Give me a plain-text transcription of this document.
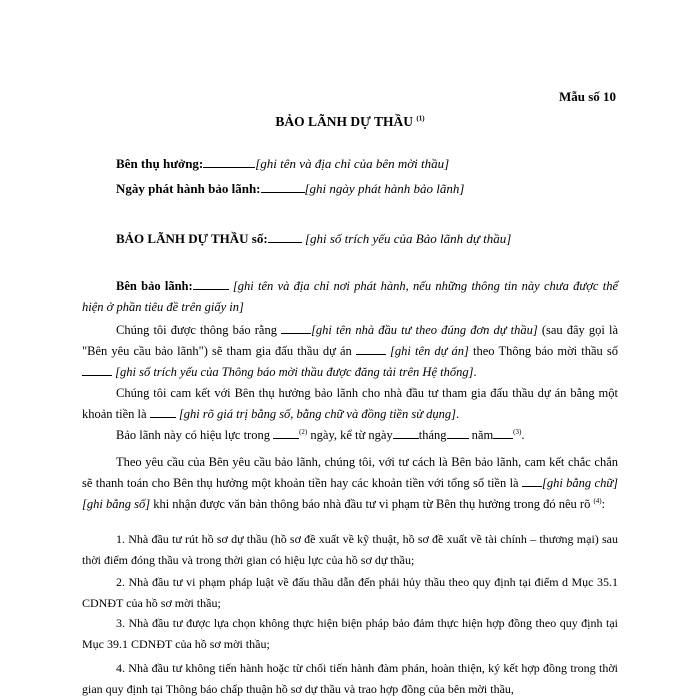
Mẫu số 10
BẢO LÃNH DỰ THẦU $^{(1)}$
Bên thụ hưởng:	[ghi tên và địa chỉ của bên mời thầu]
Ngày phát hành bảo lãnh:	[ghi ngày phát hành bảo lãnh]
BẢO LÃNH DỰ THẦU số:	[ghi số trích yếu của Bảo lãnh dự thầu]
Bên bảo lãnh:	[ghi tên và địa chỉ nơi phát hành, nếu những thông tin này chưa được thể hiện ở phần tiêu đề trên giấy in]
Chúng tôi được thông báo rằng [ghi tên nhà đầu tư theo đúng đơn dự thầu] (sau đây gọi là "Bên yêu cầu bảo lãnh") sẽ tham gia đấu thầu dự án	[ghi tên dự án] theo Thông báo mời thầu số  [ghi số trích yếu của Thông báo mời thầu được đăng tải trên Hệ thống].
Chúng tôi cam kết với Bên thụ hưởng bảo lãnh cho nhà đầu tư tham gia đấu thầu dự án bằng một khoản tiền là  [ghi rõ giá trị bằng số, bằng chữ và đồng tiền sử dụng].
Bảo lãnh này có hiệu lực trong	$^{(2)}$ ngày, kể từ ngày tháng năm	$^{(3)}$.
Theo yêu cầu của Bên yêu cầu bảo lãnh, chúng tôi, với tư cách là Bên bảo lãnh, cam kết chắc chắn sẽ thanh toán cho Bên thụ hưởng một khoản tiền hay các khoản tiền với tổng số tiền là [ghi bằng chữ] [ghi bằng số] khi nhận được văn bản thông báo nhà đầu tư vi phạm từ Bên thụ hưởng trong đó nêu rõ $^{(4)}$:
1. Nhà đầu tư rút hồ sơ dự thầu (hồ sơ đề xuất về kỹ thuật, hồ sơ đề xuất về tài chính – thương mại) sau thời điểm đóng thầu và trong thời gian có hiệu lực của hồ sơ dự thầu;
2. Nhà đầu tư vi phạm pháp luật về đấu thầu dẫn đến phải hủy thầu theo quy định tại điểm d Mục 35.1 CDNĐT của hồ sơ mời thầu;
3. Nhà đầu tư được lựa chọn không thực hiện biện pháp bảo đảm thực hiện hợp đồng theo quy định tại Mục 39.1 CDNĐT của hồ sơ mời thầu;
4. Nhà đầu tư không tiến hành hoặc từ chối tiến hành đàm phán, hoàn thiện, ký kết hợp đồng trong thời gian quy định tại Thông báo chấp thuận hồ sơ dự thầu và trao hợp đồng của bên mời thầu,
